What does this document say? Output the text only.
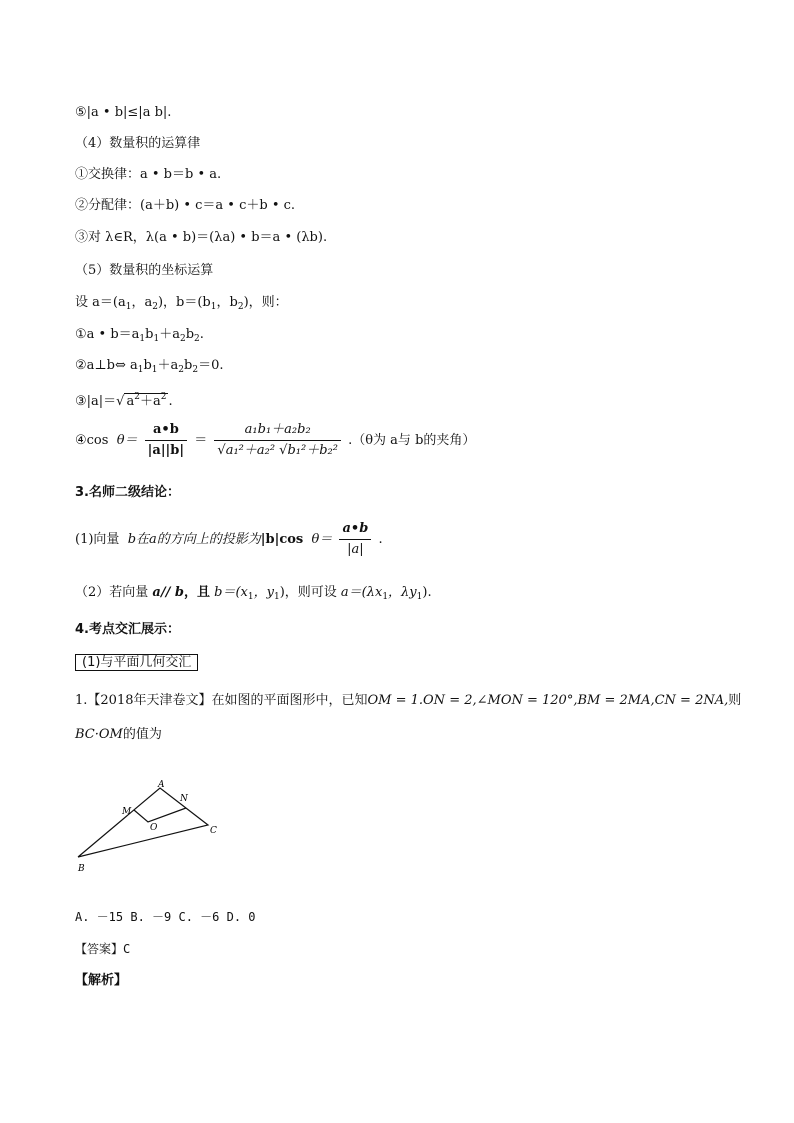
⑤|a • b|≤|a b|.
（4）数量积的运算律
①交换律：a • b＝b • a.
②分配律：(a＋b) • c＝a • c＋b • c.
③对 λ∈R，λ(a • b)＝(λa) • b＝a • (λb).
（5）数量积的坐标运算
设 $a=(a_1$，$a_2$)，$b=(b_1$，$b_2$)，则：
①a • $b=a_1b_1+a_2b_2$.
②a⊥b⇔ $a_1b_1+a_2b_2=0$.
③|a|＝√ $a^2+a^2$ .
④cos $\theta= \frac{a•b}{|a||b|} = \frac{\text{a₁b₁＋a₂b₂}}{\text{√a₁²＋a₂² √b₁²＋b₂²}} .(\theta$为 a与 b的夹角）
3.名师二级结论：
(1)向量 b在a的方向上的投影为|b|cos $\theta= \frac{a•b}{|a|}$ .
（2）若向量 a// b，且 $b=(x_1$，$y_1$)，则可设 $a=(\lambda x_1$，$\lambda y_1$).
4.考点交汇展示：
(1)与平面几何交汇
1.【2018年天津卷文】在如图的平面图形中，已知OM = 1.ON = 2,∠MON = 120°,BM = 2MA,CN = 2NA,则
BC·OM的值为
A
N
M
O	C
B
A. －15 B. －9 C. －6 D. 0
【答案】C
【解析】
